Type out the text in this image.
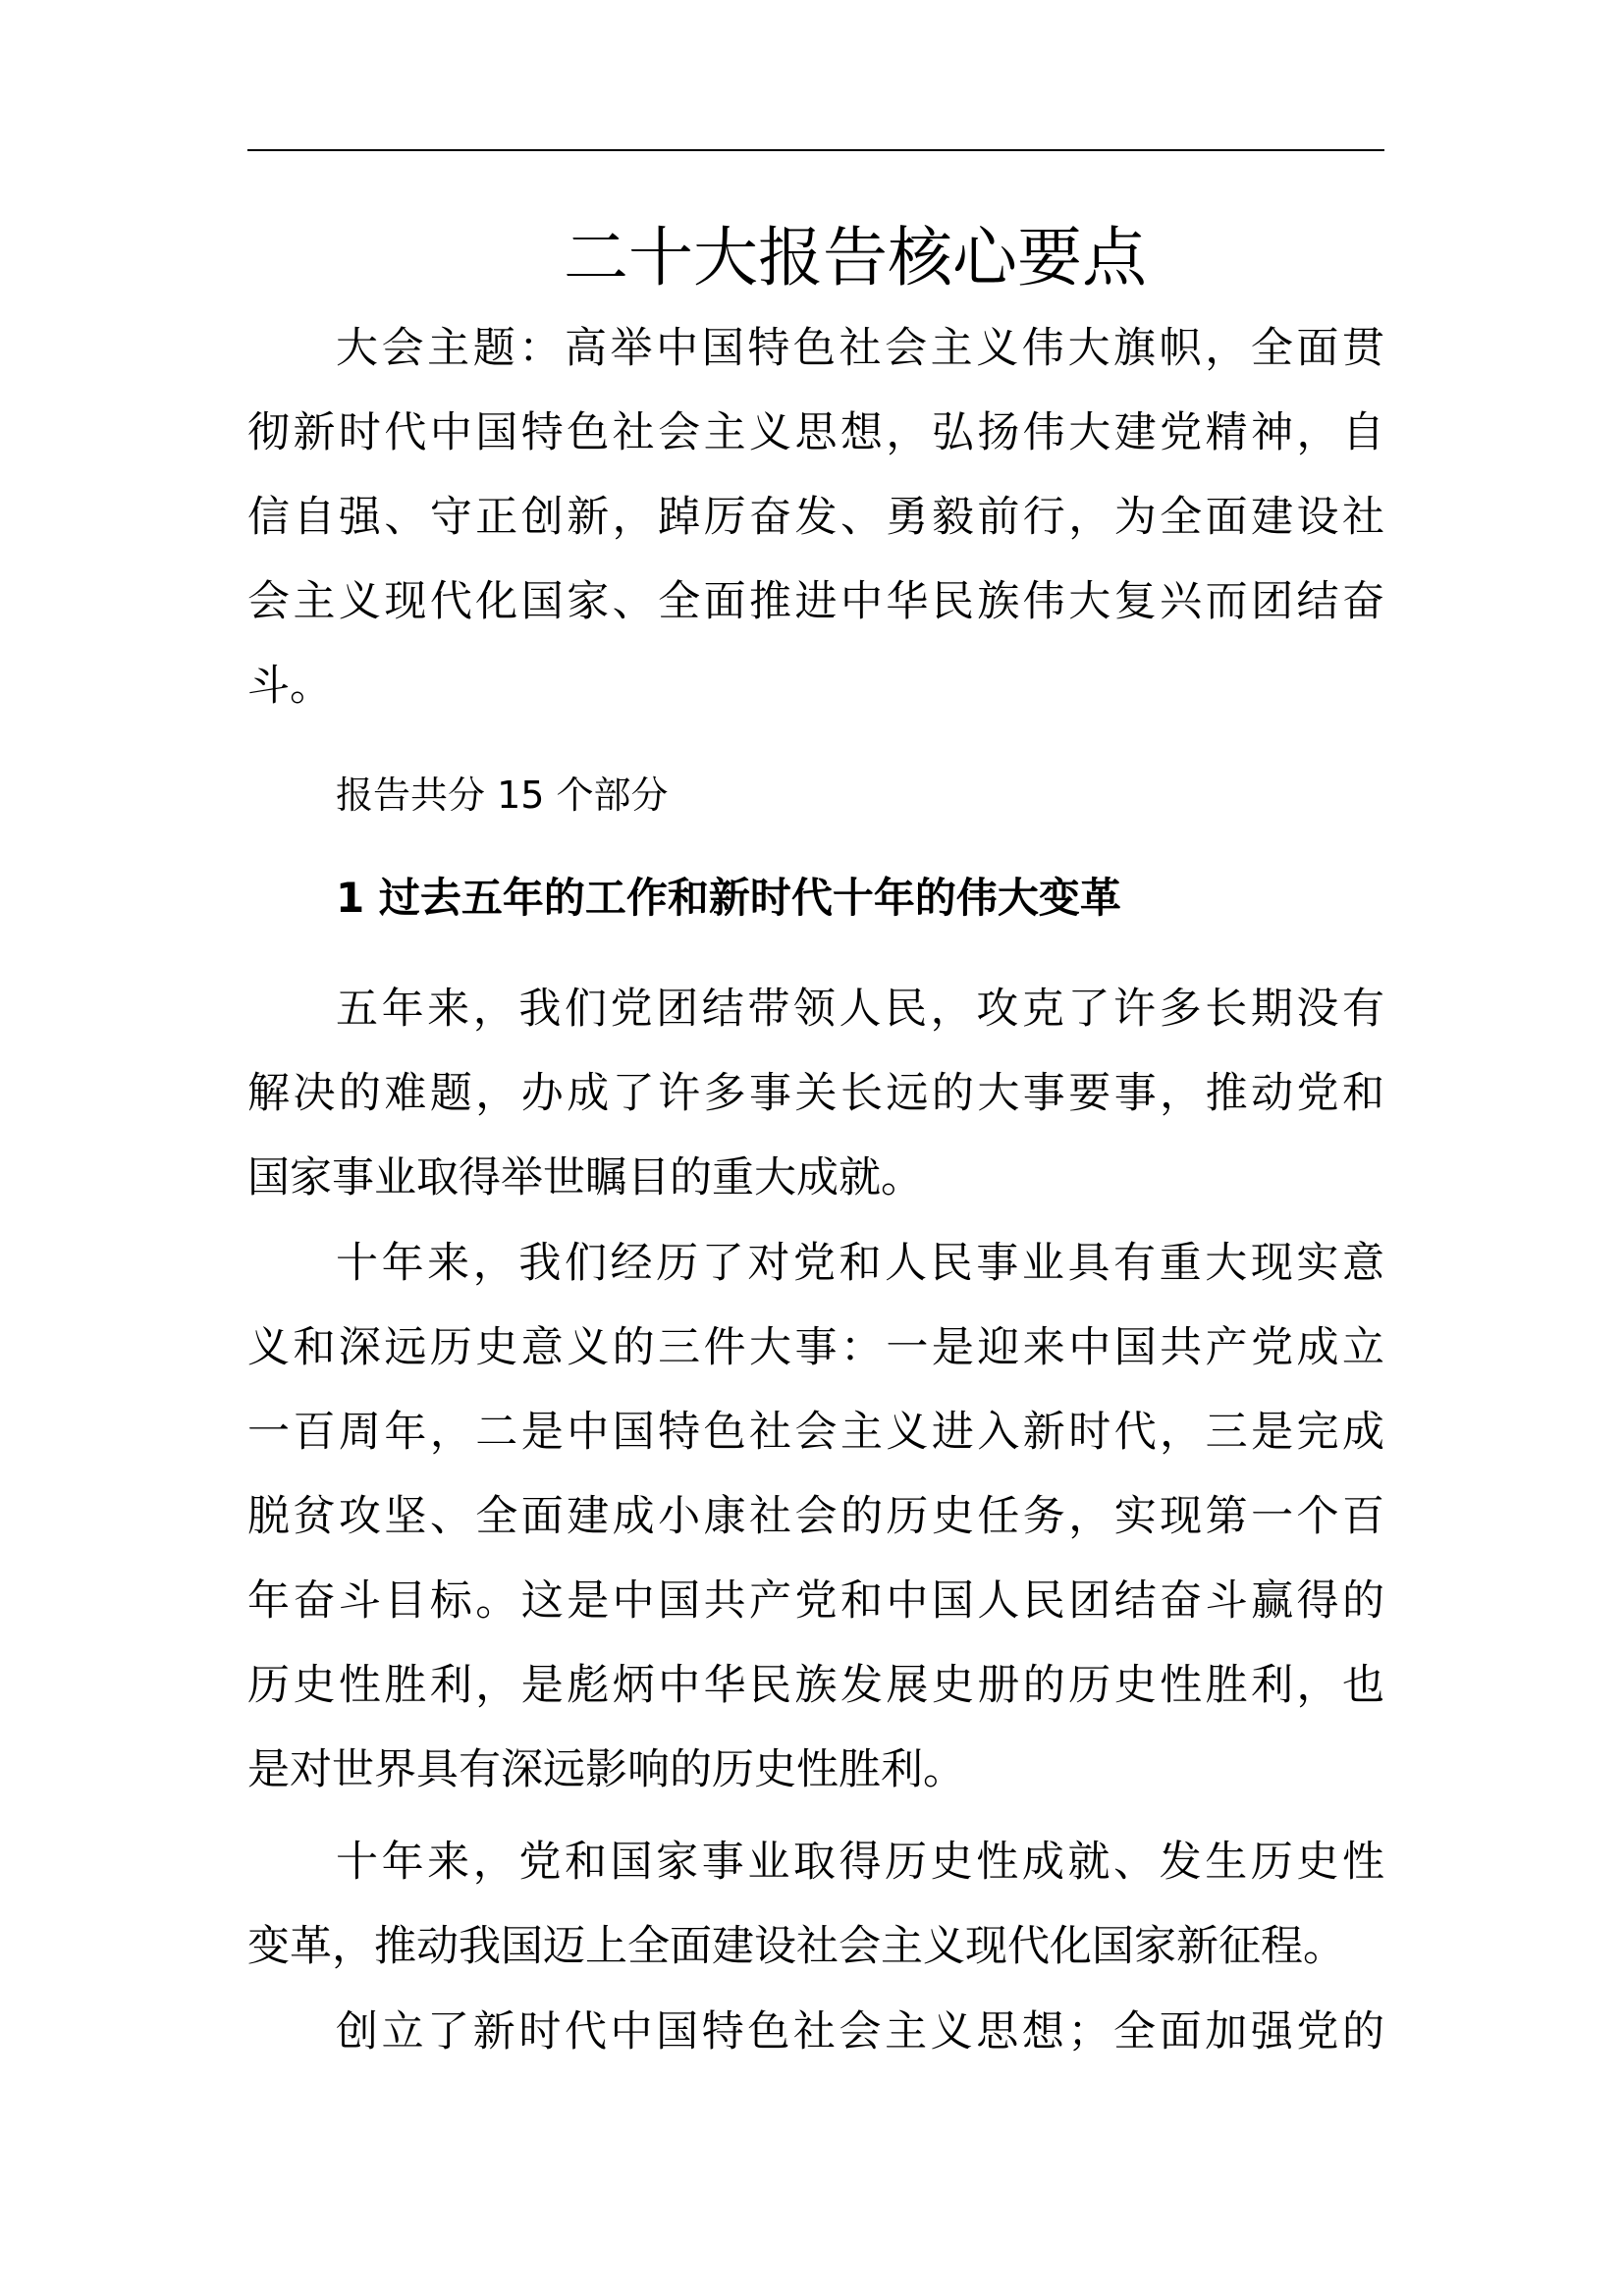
二十大报告核心要点
大会主题：高举中国特色社会主义伟大旗帜，全面贯
彻新时代中国特色社会主义思想，弘扬伟大建党精神，自
信自强、守正创新，踔厉奋发、勇毅前行，为全面建设社
会主义现代化国家、全面推进中华民族伟大复兴而团结奋
斗。
报告共分 15 个部分
1 过去五年的工作和新时代十年的伟大变革
五年来，我们党团结带领人民，攻克了许多长期没有
解决的难题，办成了许多事关长远的大事要事，推动党和
国家事业取得举世瞩目的重大成就。
十年来，我们经历了对党和人民事业具有重大现实意
义和深远历史意义的三件大事：一是迎来中国共产党成立
一百周年，二是中国特色社会主义进入新时代，三是完成
脱贫攻坚、全面建成小康社会的历史任务，实现第一个百
年奋斗目标。这是中国共产党和中国人民团结奋斗赢得的
历史性胜利，是彪炳中华民族发展史册的历史性胜利，也
是对世界具有深远影响的历史性胜利。
十年来，党和国家事业取得历史性成就、发生历史性
变革，推动我国迈上全面建设社会主义现代化国家新征程。
创立了新时代中国特色社会主义思想；全面加强党的
